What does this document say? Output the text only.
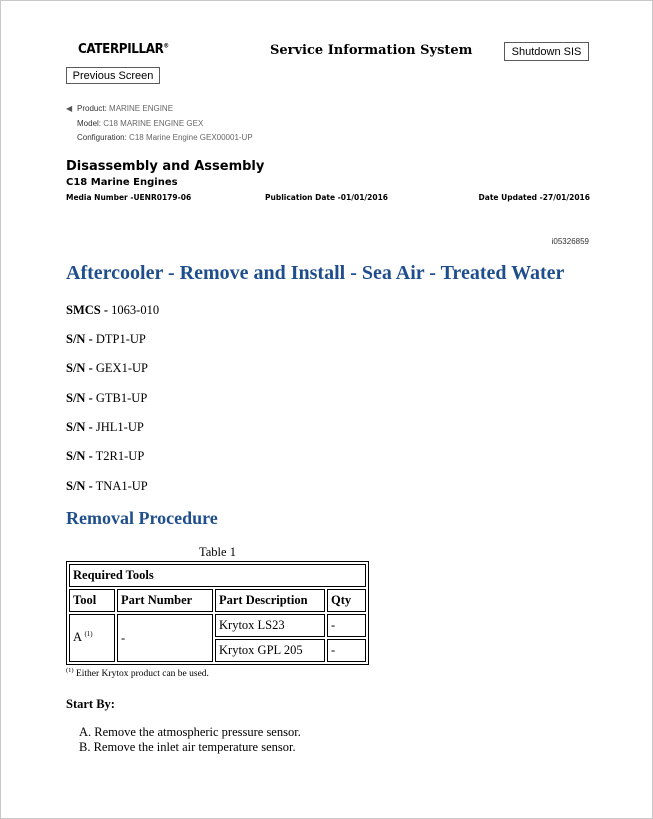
CATERPILLAR®	Service Information System	Shutdown SIS
Previous Screen
◀︎ Product: MARINE ENGINE
Model: C18 MARINE ENGINE GEX
Configuration: C18 Marine Engine GEX00001-UP
Disassembly and Assembly
C18 Marine Engines
Media Number -UENR0179-06	Publication Date -01/01/2016	Date Updated -27/01/2016
i05326859
Aftercooler - Remove and Install - Sea Air - Treated Water
SMCS - 1063-010
S/N - DTP1-UP
S/N - GEX1-UP
S/N - GTB1-UP
S/N - JHL1-UP
S/N - T2R1-UP
S/N - TNA1-UP
Removal Procedure
Table 1
Required Tools			
Tool	Part Number	Part Description	Qty
A $^{(1)}$	-	Krytox LS23	-
		Krytox GPL 205	-
$^{(1)}$ Either Krytox product can be used.
Start By:
A. Remove the atmospheric pressure sensor.
B. Remove the inlet air temperature sensor.
